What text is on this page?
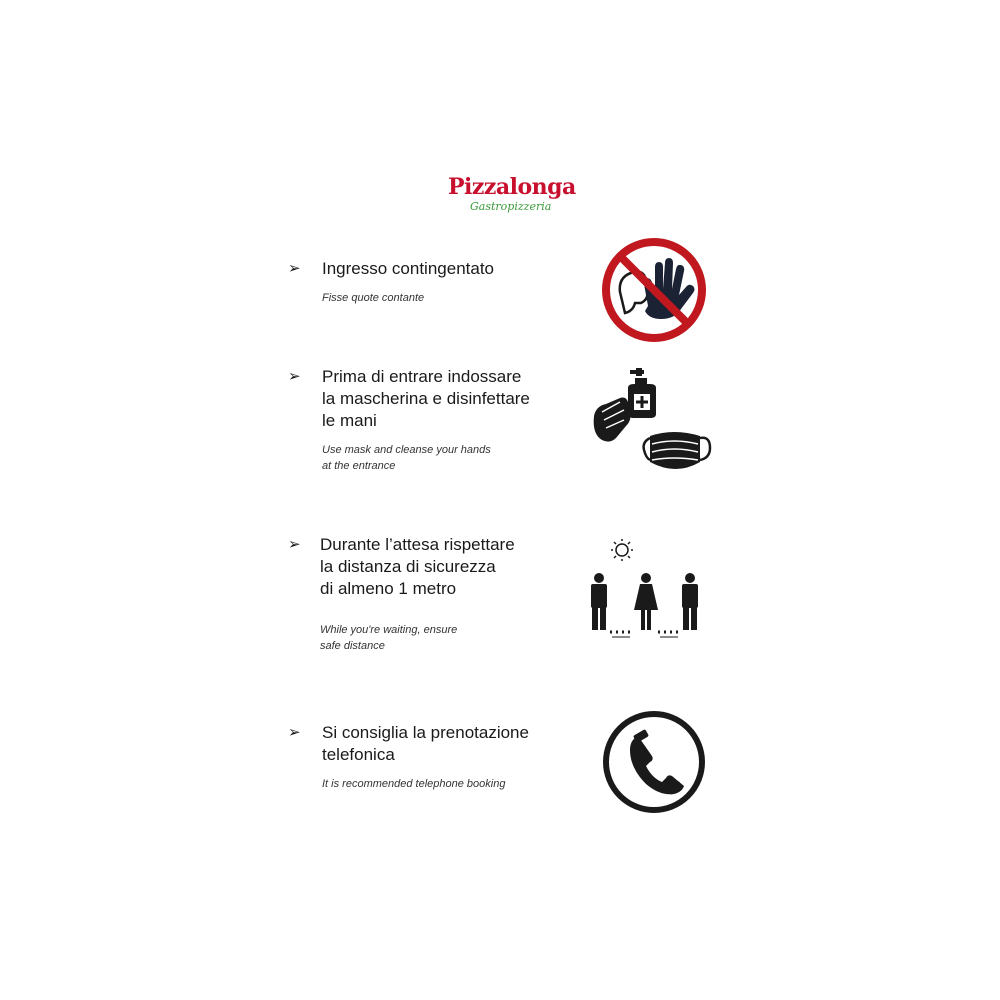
Pizzalonga
Gastropizzeria
➢ Ingresso contingentato
Fisse quote contante
➢ Prima di entrare indossare
la mascherina e disinfettare
le mani
Use mask and cleanse your hands
at the entrance
➢ Durante l’attesa rispettare
la distanza di sicurezza
di almeno 1 metro
While you're waiting, ensure
safe distance
➢ Si consiglia la prenotazione
telefonica
It is recommended telephone booking
